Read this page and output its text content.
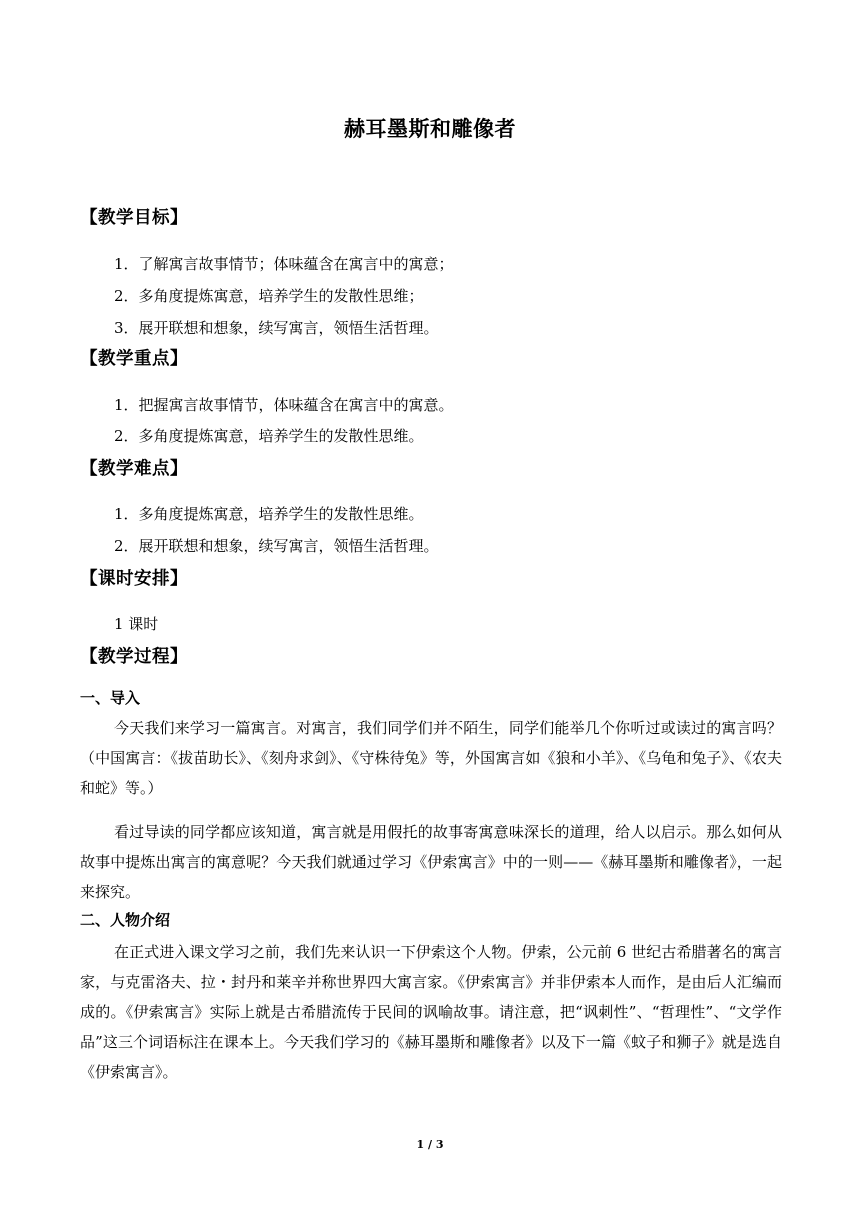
赫耳墨斯和雕像者
【教学目标】
1．了解寓言故事情节；体味蕴含在寓言中的寓意；
2．多角度提炼寓意，培养学生的发散性思维；
3．展开联想和想象，续写寓言，领悟生活哲理。
【教学重点】
1．把握寓言故事情节，体味蕴含在寓言中的寓意。
2．多角度提炼寓意，培养学生的发散性思维。
【教学难点】
1．多角度提炼寓意，培养学生的发散性思维。
2．展开联想和想象，续写寓言，领悟生活哲理。
【课时安排】
1 课时
【教学过程】
一、导入
今天我们来学习一篇寓言。对寓言，我们同学们并不陌生，同学们能举几个你听过或读过的寓言吗？（中国寓言：《拔苗助长》、《刻舟求剑》、《守株待兔》等，外国寓言如《狼和小羊》、《乌龟和兔子》、《农夫和蛇》等。）
看过导读的同学都应该知道，寓言就是用假托的故事寄寓意味深长的道理，给人以启示。那么如何从故事中提炼出寓言的寓意呢？今天我们就通过学习《伊索寓言》中的一则——《赫耳墨斯和雕像者》，一起来探究。
二、人物介绍
在正式进入课文学习之前，我们先来认识一下伊索这个人物。伊索，公元前 6 世纪古希腊著名的寓言家，与克雷洛夫、拉・封丹和莱辛并称世界四大寓言家。《伊索寓言》并非伊索本人而作，是由后人汇编而成的。《伊索寓言》实际上就是古希腊流传于民间的讽喻故事。请注意，把“讽刺性”、“哲理性”、“文学作品”这三个词语标注在课本上。今天我们学习的《赫耳墨斯和雕像者》以及下一篇《蚊子和狮子》就是选自《伊索寓言》。
1 / 3
